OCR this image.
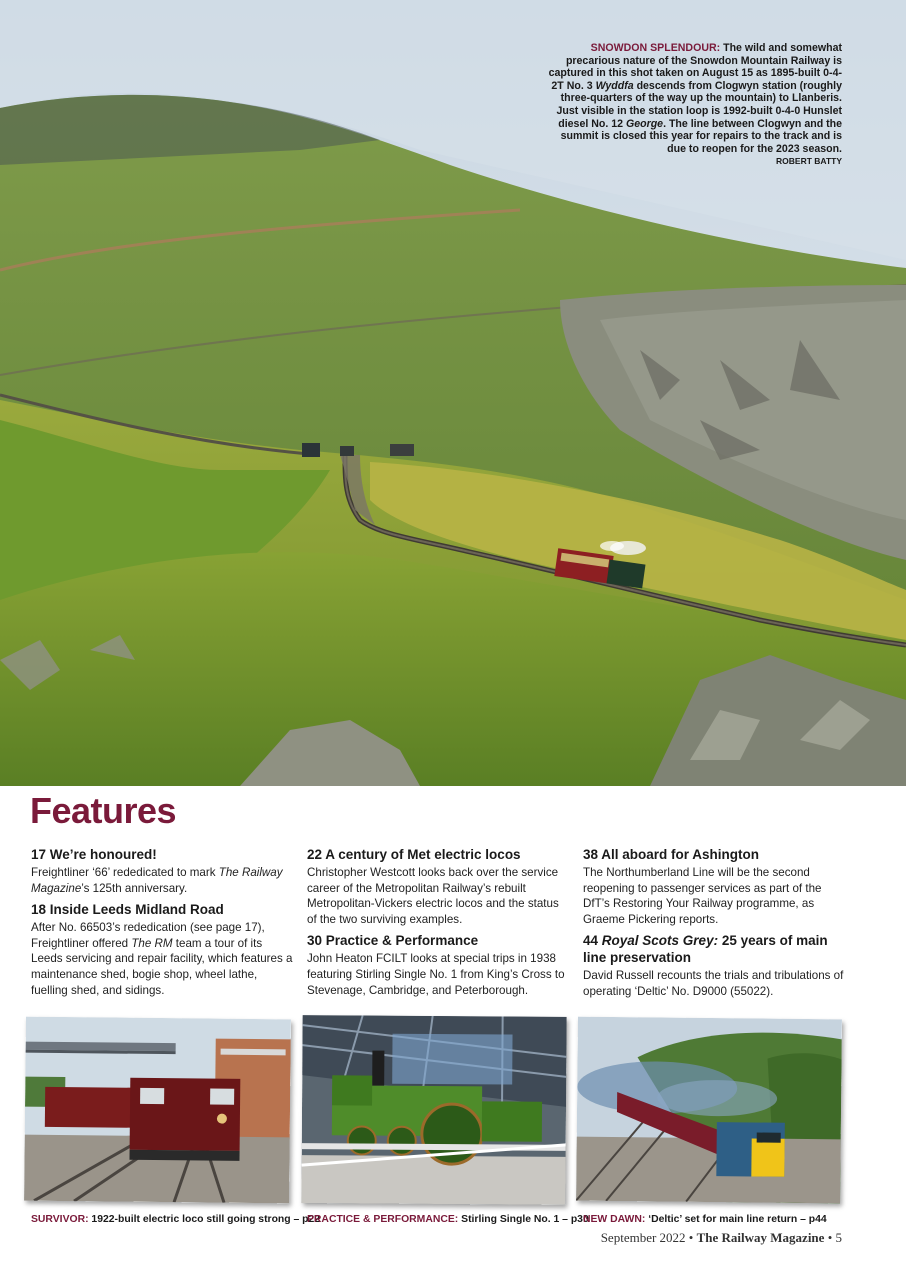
SNOWDON SPLENDOUR: The wild and somewhat precarious nature of the Snowdon Mountain Railway is captured in this shot taken on August 15 as 1895-built 0-4-2T No. 3 Wyddfa descends from Clogwyn station (roughly three-quarters of the way up the mountain) to Llanberis. Just visible in the station loop is 1992-built 0-4-0 Hunslet diesel No. 12 George. The line between Clogwyn and the summit is closed this year for repairs to the track and is due to reopen for the 2023 season.
ROBERT BATTY
Features
17 We’re honoured!

Freightliner ‘66’ rededicated to mark The Railway Magazine’s 125th anniversary.

18 Inside Leeds Midland Road

After No. 66503’s rededication (see page 17), Freightliner offered The RM team a tour of its Leeds servicing and repair facility, which features a maintenance shed, bogie shop, wheel lathe, fuelling shed, and sidings.

22 A century of Met electric locos

Christopher Westcott looks back over the service career of the Metropolitan Railway’s rebuilt Metropolitan-Vickers electric locos and the status of the two surviving examples.

30 Practice & Performance

John Heaton FCILT looks at special trips in 1938 featuring Stirling Single No. 1 from King’s Cross to Stevenage, Cambridge, and Peterborough.

38 All aboard for Ashington

The Northumberland Line will be the second reopening to passenger services as part of the DfT’s Restoring Your Railway programme, as Graeme Pickering reports.

44 Royal Scots Grey: 25 years of main line preservation

David Russell recounts the trials and tribulations of operating ‘Deltic’ No. D9000 (55022).

SURVIVOR: 1922-built electric loco still going strong – p22
PRACTICE & PERFORMANCE: Stirling Single No. 1 – p30
NEW DAWN: ‘Deltic’ set for main line return – p44
September 2022 • The Railway Magazine • 5
